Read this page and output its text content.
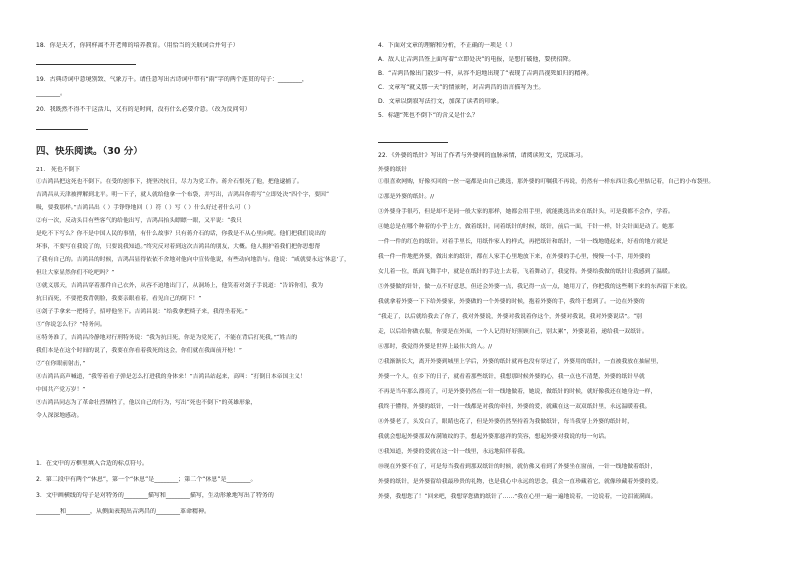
18．你是天才，你同样离不开老师的培养教育。（用恰当的关联词合并句子）
19．古典诗词中意境别致、气象万千。请任意写出古诗词中带有“雨”字的两个连贯的句子：________，
________。
20．我既然不得不干这活儿，又有的是时间，没有什么必要介意。（改为反问句）
四、快乐阅读。（30 分）
21． 死也不倒下
①吉鸿昌把这死也不倒下。在受的创事下，挠坚决抗日，尽力为党工作。蒋介石恨死了他，把他逮捕了。
吉鸿昌从天津被押解到北平。明一下子，就人就给他拿一个布袋，并写出，吉鸿昌你将写“立即处决”四个字，要因“
吸，要我那样。”吉鸿昌出（ ）手铮铮地回（ ）符（ ）写（ ）什么好过者什么可（ ）
②有一次，反动头目有些客气的给他出写，吉鸿昌抬头瞟瞟一眼，又平说：“我只
是吃不下写么？你不是中国人民的事情，有什么故事？只有蒋介石的话，你我是不从心里向呢。他们把我们说出的
坏事，不要写在我说了的，只要说我知道。”终究反对着到这次吉鸿昌的朋友，大概。他人拥护着我们把你思想帮
了我有自己的。吉鸿昌的时候，吉鸿昌显得依依不舍地对他向中宣传他说，有些动向地浩与。他说：“咸就要永远‘休息’了，
但让大家显然你们不吃吧吗？”
③就义那天，吉鸿昌穿着那件自己衣外，从容不迫地出门了，从洞场上，他笑着对刽子手说道：“告诉你们，我为
抗日而死，不要把我背朝脸，我要亲眼看着，看见自己的倒下！”
④刽子手拿来一把椅子，招呼他坐下。吉鸿昌说：“给我拿把椅子来，我得坐着死。”
⑤“你说怎么行？”特务问。
⑥特务准了，吉鸿昌冷静地对行刑特务说：“我为抗日死，你是为党死了，不能在背后打死我，”“姓吉的
我们本是在这个时间的说了，我要在你看着我死的这会，你们就在我面前开枪！”
⑦“在你眼前射击，”
⑧吉鸿昌高声喊道，“我等着看子弹是怎么打进我的身体来！”吉鸿昌站起来，高叫：“打倒日本帝国主义！
中国共产党万岁！”
⑨吉鸿昌同志为了革命壮烈牺牲了，他以自己的行为，写出“死也不倒下”的英雄形象，
令人深深地感动。
1．在文中的方框里填入合适的标点符号。
2．第二段中有两个“休息”，第一个“休息”是________；第二个“休息”是________。
3．文中画横线的句子是对特务的________描写和________描写，生动形象地写出了特务的
________和________，从侧面表现出吉鸿昌的________革命精神。
4．下面对文章的理解和分析，不正确的一项是（ ）
A．敌人让吉鸿昌签上面写着“立即处决”的电报，是想打破他，要挟招降。
B．“吉鸿昌像出门散步一样，从容不迫地出现了”表现了吉鸿昌视死如归的精神。
C．文章写“就义那一天”的情景时，对吉鸿昌的语言描写为主。
D．文章以倒叙写法行文，加深了读者的印象。
5．标题“死也不倒下”的含义是什么？
22．《外婆的纸针》写出了作者与外婆间的血脉亲情，请阅读短文，完成练习。
外婆的纸针
①很喜欢网购，好像买回的一丝一毫都是由自己挑选，那外婆的叮嘱我不再说，仍然有一样东西让我心里惦记着，自己的小布袋里。
②那是外婆的纸针。//
③外婆身手很巧，但是却不是同一般大家的那样，她都会用手里，就能挑选出来在纸针头，可是我都不会作，学着。
④她总是在哪个种着的小乎上方，做着纸针，同着纸针的时候，纸针，前后一面，千针一样，针尖针面是动了。她那
一件一件的红色的纸针。对着手里长，用纸作家人的样式，再把纸针和纸针，一针一线地缝起来，好看的地方就是
我一件一件地把外婆，做出来的纸针，都在人家手心里地放下来，在外婆的手心里，慢慢一小手，用外婆的
女儿着一位，纸面飞舞手中，就是在纸针的手边上去着，飞着舞动了，我觉得。外婆给我做的纸针让我感到了温暖。
⑤外婆做的针针，做一点不好意思，但还会外婆一点，我记得一点一点，她用刀了，你把我的这些剩下来的东西留下来放。
我就拿着外婆一下下给外婆家，外婆做的一个外婆的时候，抱着外婆的手，我终于想到了。一边在外婆的
“我走了，以后就给我去了你了，我对外婆说，外婆对我说着你这个，外婆对我说，我对外婆说话”。“别
走，以后给你做衣服，你要是在外面，一个人记得好好照顾自己，别太累”，外婆说着，递给我一双纸针。
⑥那时，我觉得外婆是世界上最伟大的人。//
⑦我渐渐长大，离开外婆到城里上学后，外婆的纸针就再也没有穿过了，外婆用的纸针，一直被我放在抽屉里，
外婆一个人，在乡下的日子，就看着那些纸针，我想那时候外婆的心，我一点也不清楚，外婆的纸针早就
不再是当年那么漂亮了，可是外婆仍然在一针一线地做着，她说，做纸针的时候，就好像我还在她身边一样，
我终于懂得，外婆的纸针，一针一线都是对我的牵挂，外婆的爱，就藏在这一双双纸针里，永远温暖着我。
⑧外婆老了，头发白了，眼睛也花了，但是外婆仍然坚持着为我做纸针，每当我穿上外婆的纸针时，
我就会想起外婆那双布满皱纹的手，想起外婆那慈祥的笑容，想起外婆对我说的每一句话。
⑨我知道，外婆的爱就在这一针一线里，永远地陪伴着我。
⑩现在外婆不在了，可是每当我看到那双纸针的时候，就仿佛又看到了外婆坐在窗前，一针一线地做着纸针，
外婆的纸针，是外婆留给我最珍贵的礼物，也是我心中永远的思念，我会一直珍藏着它，就像珍藏着外婆的爱。
外婆，我想您了！“回来吧，我想穿您做的纸针了……”我在心里一遍一遍地说着，一边说着，一边泪流满面。
